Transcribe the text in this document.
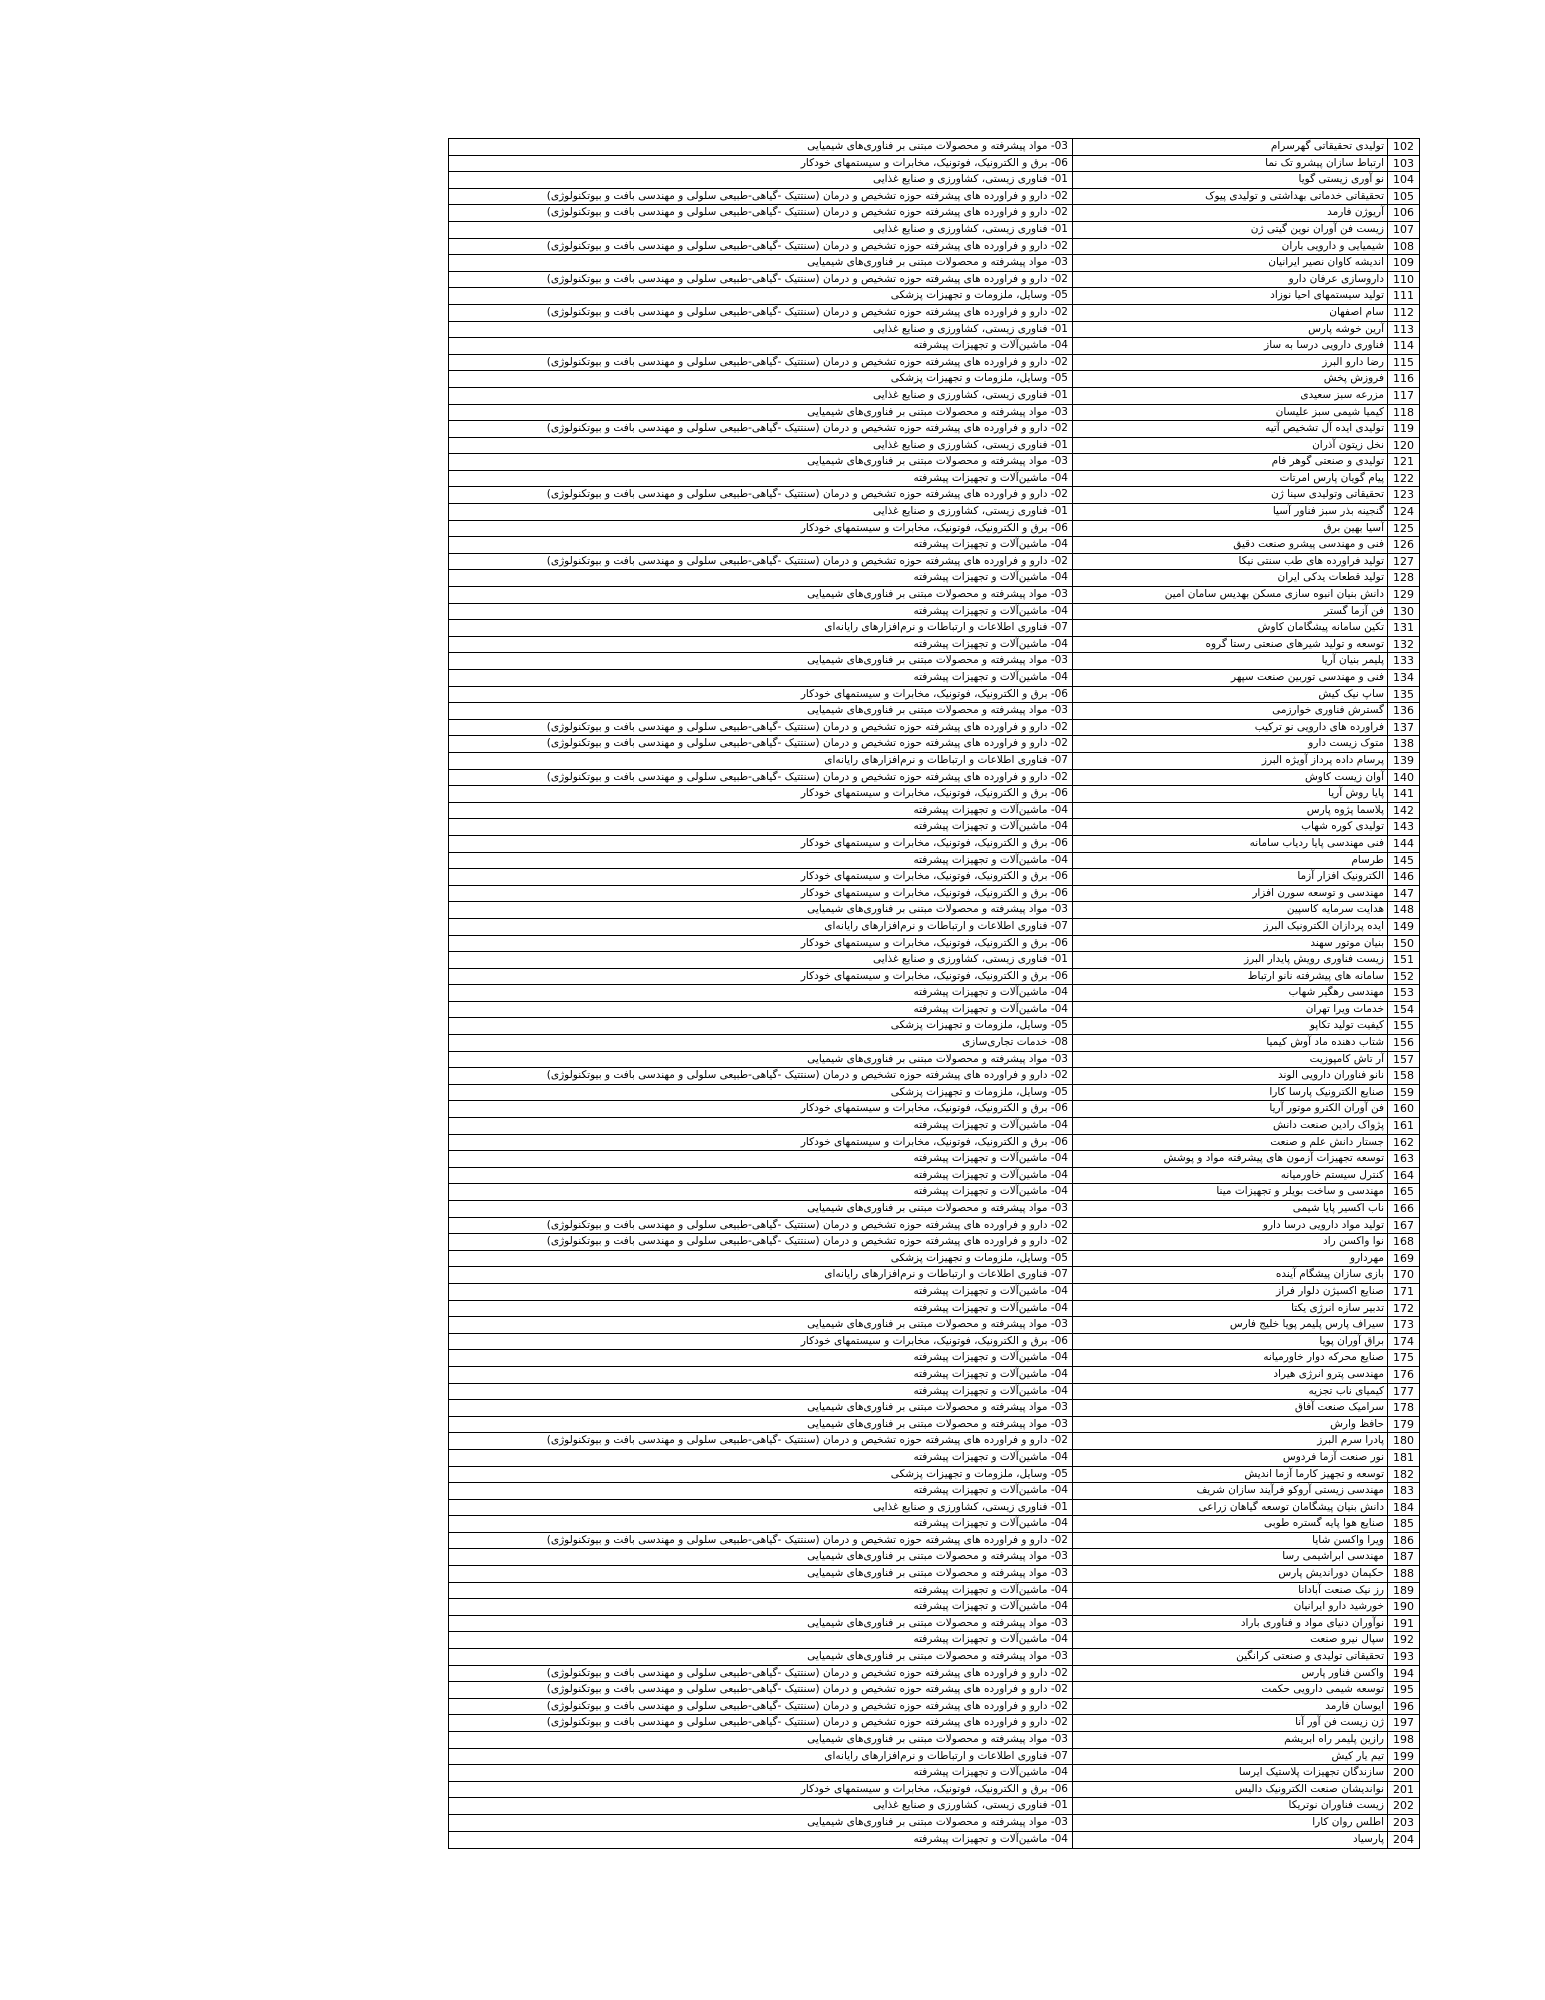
102
تولیدی تحقیقاتی گهرسرام
03- مواد پیشرفته و محصولات مبتنی بر فناوری‌های شیمیایی
103
ارتباط سازان پیشرو تک نما
06- برق و الکترونیک، فوتونیک، مخابرات و سیستمهای خودکار
104
نو آوری زیستی گویا
01- فناوری زیستی، کشاورزی و صنایع غذایی
105
تحقیقاتی خدماتی بهداشتی و تولیدی پیوک
02- دارو و فراورده های پیشرفته حوزه تشخیص و درمان (سنتتیک -گیاهی-طبیعی سلولی و مهندسی بافت و بیوتکنولوژی)
106
آریوژن فارمد
02- دارو و فراورده های پیشرفته حوزه تشخیص و درمان (سنتتیک -گیاهی-طبیعی سلولی و مهندسی بافت و بیوتکنولوژی)
107
زیست فن آوران نوین گیتی ژن
01- فناوری زیستی، کشاورزی و صنایع غذایی
108
شیمیایی و دارویی باران
02- دارو و فراورده های پیشرفته حوزه تشخیص و درمان (سنتتیک -گیاهی-طبیعی سلولی و مهندسی بافت و بیوتکنولوژی)
109
اندیشه کاوان نصیر ایرانیان
03- مواد پیشرفته و محصولات مبتنی بر فناوری‌های شیمیایی
110
داروسازی عرفان دارو
02- دارو و فراورده های پیشرفته حوزه تشخیص و درمان (سنتتیک -گیاهی-طبیعی سلولی و مهندسی بافت و بیوتکنولوژی)
111
تولید سیستمهای احیا نوزاد
05- وسایل، ملزومات و تجهیزات پزشکی
112
سام اصفهان
02- دارو و فراورده های پیشرفته حوزه تشخیص و درمان (سنتتیک -گیاهی-طبیعی سلولی و مهندسی بافت و بیوتکنولوژی)
113
آرین خوشه پارس
01- فناوری زیستی، کشاورزی و صنایع غذایی
114
فناوری دارویی درسا به ساز
04- ماشین‌آلات و تجهیزات پیشرفته
115
رضا دارو البرز
02- دارو و فراورده های پیشرفته حوزه تشخیص و درمان (سنتتیک -گیاهی-طبیعی سلولی و مهندسی بافت و بیوتکنولوژی)
116
فروزش پخش
05- وسایل، ملزومات و تجهیزات پزشکی
117
مزرعه سبز سعیدی
01- فناوری زیستی، کشاورزی و صنایع غذایی
118
کیمیا شیمی سبز علیسان
03- مواد پیشرفته و محصولات مبتنی بر فناوری‌های شیمیایی
119
تولیدی ایده آل تشخیص آتیه
02- دارو و فراورده های پیشرفته حوزه تشخیص و درمان (سنتتیک -گیاهی-طبیعی سلولی و مهندسی بافت و بیوتکنولوژی)
120
نخل زیتون آذران
01- فناوری زیستی، کشاورزی و صنایع غذایی
121
تولیدی و صنعتی گوهر فام
03- مواد پیشرفته و محصولات مبتنی بر فناوری‌های شیمیایی
122
پیام گویان پارس امرتات
04- ماشین‌آلات و تجهیزات پیشرفته
123
تحقیقاتی وتولیدی سینا ژن
02- دارو و فراورده های پیشرفته حوزه تشخیص و درمان (سنتتیک -گیاهی-طبیعی سلولی و مهندسی بافت و بیوتکنولوژی)
124
گنجینه بذر سبز فناور آسیا
01- فناوری زیستی، کشاورزی و صنایع غذایی
125
آسیا بهین برق
06- برق و الکترونیک، فوتونیک، مخابرات و سیستمهای خودکار
126
فنی و مهندسی پیشرو صنعت دقیق
04- ماشین‌آلات و تجهیزات پیشرفته
127
تولید فراورده های طب سنتی نیکا
02- دارو و فراورده های پیشرفته حوزه تشخیص و درمان (سنتتیک -گیاهی-طبیعی سلولی و مهندسی بافت و بیوتکنولوژی)
128
تولید قطعات یدکی ایران
04- ماشین‌آلات و تجهیزات پیشرفته
129
دانش بنیان انبوه سازی مسکن بهدیس سامان امین
03- مواد پیشرفته و محصولات مبتنی بر فناوری‌های شیمیایی
130
فن آزما گستر
04- ماشین‌آلات و تجهیزات پیشرفته
131
تکین سامانه پیشگامان کاوش
07- فناوری اطلاعات و ارتباطات و نرم‌افزارهای رایانه‌ای
132
توسعه و تولید شیرهای صنعتی رستا گروه
04- ماشین‌آلات و تجهیزات پیشرفته
133
پلیمر بنیان آریا
03- مواد پیشرفته و محصولات مبتنی بر فناوری‌های شیمیایی
134
فنی و مهندسی توربین صنعت سپهر
04- ماشین‌آلات و تجهیزات پیشرفته
135
ساپ نیک کیش
06- برق و الکترونیک، فوتونیک، مخابرات و سیستمهای خودکار
136
گسترش فناوری خوارزمی
03- مواد پیشرفته و محصولات مبتنی بر فناوری‌های شیمیایی
137
فراورده های دارویی نو ترکیب
02- دارو و فراورده های پیشرفته حوزه تشخیص و درمان (سنتتیک -گیاهی-طبیعی سلولی و مهندسی بافت و بیوتکنولوژی)
138
متوک زیست دارو
02- دارو و فراورده های پیشرفته حوزه تشخیص و درمان (سنتتیک -گیاهی-طبیعی سلولی و مهندسی بافت و بیوتکنولوژی)
139
پرسام داده پرداز آویژه البرز
07- فناوری اطلاعات و ارتباطات و نرم‌افزارهای رایانه‌ای
140
آوان زیست کاوش
02- دارو و فراورده های پیشرفته حوزه تشخیص و درمان (سنتتیک -گیاهی-طبیعی سلولی و مهندسی بافت و بیوتکنولوژی)
141
پایا روش آریا
06- برق و الکترونیک، فوتونیک، مخابرات و سیستمهای خودکار
142
پلاسما پژوه پارس
04- ماشین‌آلات و تجهیزات پیشرفته
143
تولیدی کوره شهاب
04- ماشین‌آلات و تجهیزات پیشرفته
144
فنی مهندسی پایا ردیاب سامانه
06- برق و الکترونیک، فوتونیک، مخابرات و سیستمهای خودکار
145
طرسام
04- ماشین‌آلات و تجهیزات پیشرفته
146
الکترونیک افزار آزما
06- برق و الکترونیک، فوتونیک، مخابرات و سیستمهای خودکار
147
مهندسی و توسعه سورن افزار
06- برق و الکترونیک، فوتونیک، مخابرات و سیستمهای خودکار
148
هدایت سرمایه کاسپین
03- مواد پیشرفته و محصولات مبتنی بر فناوری‌های شیمیایی
149
ایده پردازان الکترونیک البرز
07- فناوری اطلاعات و ارتباطات و نرم‌افزارهای رایانه‌ای
150
بنیان موتور سهند
06- برق و الکترونیک، فوتونیک، مخابرات و سیستمهای خودکار
151
زیست فناوری رویش پایدار البرز
01- فناوری زیستی، کشاورزی و صنایع غذایی
152
سامانه های پیشرفته نانو ارتباط
06- برق و الکترونیک، فوتونیک، مخابرات و سیستمهای خودکار
153
مهندسی رهگیر شهاب
04- ماشین‌آلات و تجهیزات پیشرفته
154
خدمات ویرا تهران
04- ماشین‌آلات و تجهیزات پیشرفته
155
کیفیت تولید تکاپو
05- وسایل، ملزومات و تجهیزات پزشکی
156
شتاب دهنده ماد آوش کیمیا
08- خدمات تجاری‌سازی
157
آر تاش کامپوزیت
03- مواد پیشرفته و محصولات مبتنی بر فناوری‌های شیمیایی
158
نانو فناوران دارویی الوند
02- دارو و فراورده های پیشرفته حوزه تشخیص و درمان (سنتتیک -گیاهی-طبیعی سلولی و مهندسی بافت و بیوتکنولوژی)
159
صنایع الکترونیک پارسا کارا
05- وسایل، ملزومات و تجهیزات پزشکی
160
فن آوران الکترو موتور آریا
06- برق و الکترونیک، فوتونیک، مخابرات و سیستمهای خودکار
161
پژواک رادین صنعت دانش
04- ماشین‌آلات و تجهیزات پیشرفته
162
جستار دانش علم و صنعت
06- برق و الکترونیک، فوتونیک، مخابرات و سیستمهای خودکار
163
توسعه تجهیزات آزمون های پیشرفته مواد و پوشش
04- ماشین‌آلات و تجهیزات پیشرفته
164
کنترل سیستم خاورمیانه
04- ماشین‌آلات و تجهیزات پیشرفته
165
مهندسی و ساخت بویلر و تجهیزات مینا
04- ماشین‌آلات و تجهیزات پیشرفته
166
ناب اکسیر پایا شیمی
03- مواد پیشرفته و محصولات مبتنی بر فناوری‌های شیمیایی
167
تولید مواد دارویی درسا دارو
02- دارو و فراورده های پیشرفته حوزه تشخیص و درمان (سنتتیک -گیاهی-طبیعی سلولی و مهندسی بافت و بیوتکنولوژی)
168
نوا واکسن راد
02- دارو و فراورده های پیشرفته حوزه تشخیص و درمان (سنتتیک -گیاهی-طبیعی سلولی و مهندسی بافت و بیوتکنولوژی)
169
مهردارو
05- وسایل، ملزومات و تجهیزات پزشکی
170
بازی سازان پیشگام آینده
07- فناوری اطلاعات و ارتباطات و نرم‌افزارهای رایانه‌ای
171
صنایع اکسیژن دلوار فراز
04- ماشین‌آلات و تجهیزات پیشرفته
172
تدبیر سازه انرژی یکتا
04- ماشین‌آلات و تجهیزات پیشرفته
173
سیراف پارس پلیمر پویا خلیج فارس
03- مواد پیشرفته و محصولات مبتنی بر فناوری‌های شیمیایی
174
براق آوران پویا
06- برق و الکترونیک، فوتونیک، مخابرات و سیستمهای خودکار
175
صنایع محرکه دوار خاورمیانه
04- ماشین‌آلات و تجهیزات پیشرفته
176
مهندسی پترو انرژی هیراد
04- ماشین‌آلات و تجهیزات پیشرفته
177
کیمیای ناب تجزیه
04- ماشین‌آلات و تجهیزات پیشرفته
178
سرامیک صنعت آفاق
03- مواد پیشرفته و محصولات مبتنی بر فناوری‌های شیمیایی
179
حافظ وارش
03- مواد پیشرفته و محصولات مبتنی بر فناوری‌های شیمیایی
180
پادرا سرم البرز
02- دارو و فراورده های پیشرفته حوزه تشخیص و درمان (سنتتیک -گیاهی-طبیعی سلولی و مهندسی بافت و بیوتکنولوژی)
181
نور صنعت آزما فردوس
04- ماشین‌آلات و تجهیزات پیشرفته
182
توسعه و تجهیز کارما آزما اندیش
05- وسایل، ملزومات و تجهیزات پزشکی
183
مهندسی زیستی آروکو فرآیند سازان شریف
04- ماشین‌آلات و تجهیزات پیشرفته
184
دانش بنیان پیشگامان توسعه گیاهان زراعی
01- فناوری زیستی، کشاورزی و صنایع غذایی
185
صنایع هوا پایه گستره طوبی
04- ماشین‌آلات و تجهیزات پیشرفته
186
ویرا واکسن شایا
02- دارو و فراورده های پیشرفته حوزه تشخیص و درمان (سنتتیک -گیاهی-طبیعی سلولی و مهندسی بافت و بیوتکنولوژی)
187
مهندسی ابراشیمی رسا
03- مواد پیشرفته و محصولات مبتنی بر فناوری‌های شیمیایی
188
حکیمان دوراندیش پارس
03- مواد پیشرفته و محصولات مبتنی بر فناوری‌های شیمیایی
189
رز نیک صنعت آبادانا
04- ماشین‌آلات و تجهیزات پیشرفته
190
خورشید دارو ایرانیان
04- ماشین‌آلات و تجهیزات پیشرفته
191
نوآوران دنیای مواد و فناوری باراد
03- مواد پیشرفته و محصولات مبتنی بر فناوری‌های شیمیایی
192
سپال نیرو صنعت
04- ماشین‌آلات و تجهیزات پیشرفته
193
تحقیقاتی تولیدی و صنعتی کرانگین
03- مواد پیشرفته و محصولات مبتنی بر فناوری‌های شیمیایی
194
واکسن فناور پارس
02- دارو و فراورده های پیشرفته حوزه تشخیص و درمان (سنتتیک -گیاهی-طبیعی سلولی و مهندسی بافت و بیوتکنولوژی)
195
توسعه شیمی دارویی حکمت
02- دارو و فراورده های پیشرفته حوزه تشخیص و درمان (سنتتیک -گیاهی-طبیعی سلولی و مهندسی بافت و بیوتکنولوژی)
196
ایوسان فارمد
02- دارو و فراورده های پیشرفته حوزه تشخیص و درمان (سنتتیک -گیاهی-طبیعی سلولی و مهندسی بافت و بیوتکنولوژی)
197
ژن زیست فن آور آنا
02- دارو و فراورده های پیشرفته حوزه تشخیص و درمان (سنتتیک -گیاهی-طبیعی سلولی و مهندسی بافت و بیوتکنولوژی)
198
رازین پلیمر راه ابریشم
03- مواد پیشرفته و محصولات مبتنی بر فناوری‌های شیمیایی
199
تیم یار کیش
07- فناوری اطلاعات و ارتباطات و نرم‌افزارهای رایانه‌ای
200
سازندگان تجهیزات پلاستیک ایرسا
04- ماشین‌آلات و تجهیزات پیشرفته
201
نواندیشان صنعت الکترونیک دالیس
06- برق و الکترونیک، فوتونیک، مخابرات و سیستمهای خودکار
202
زیست فناوران نوتریکا
01- فناوری زیستی، کشاورزی و صنایع غذایی
203
اطلس روان کارا
03- مواد پیشرفته و محصولات مبتنی بر فناوری‌های شیمیایی
204
پارسیاد
04- ماشین‌آلات و تجهیزات پیشرفته
